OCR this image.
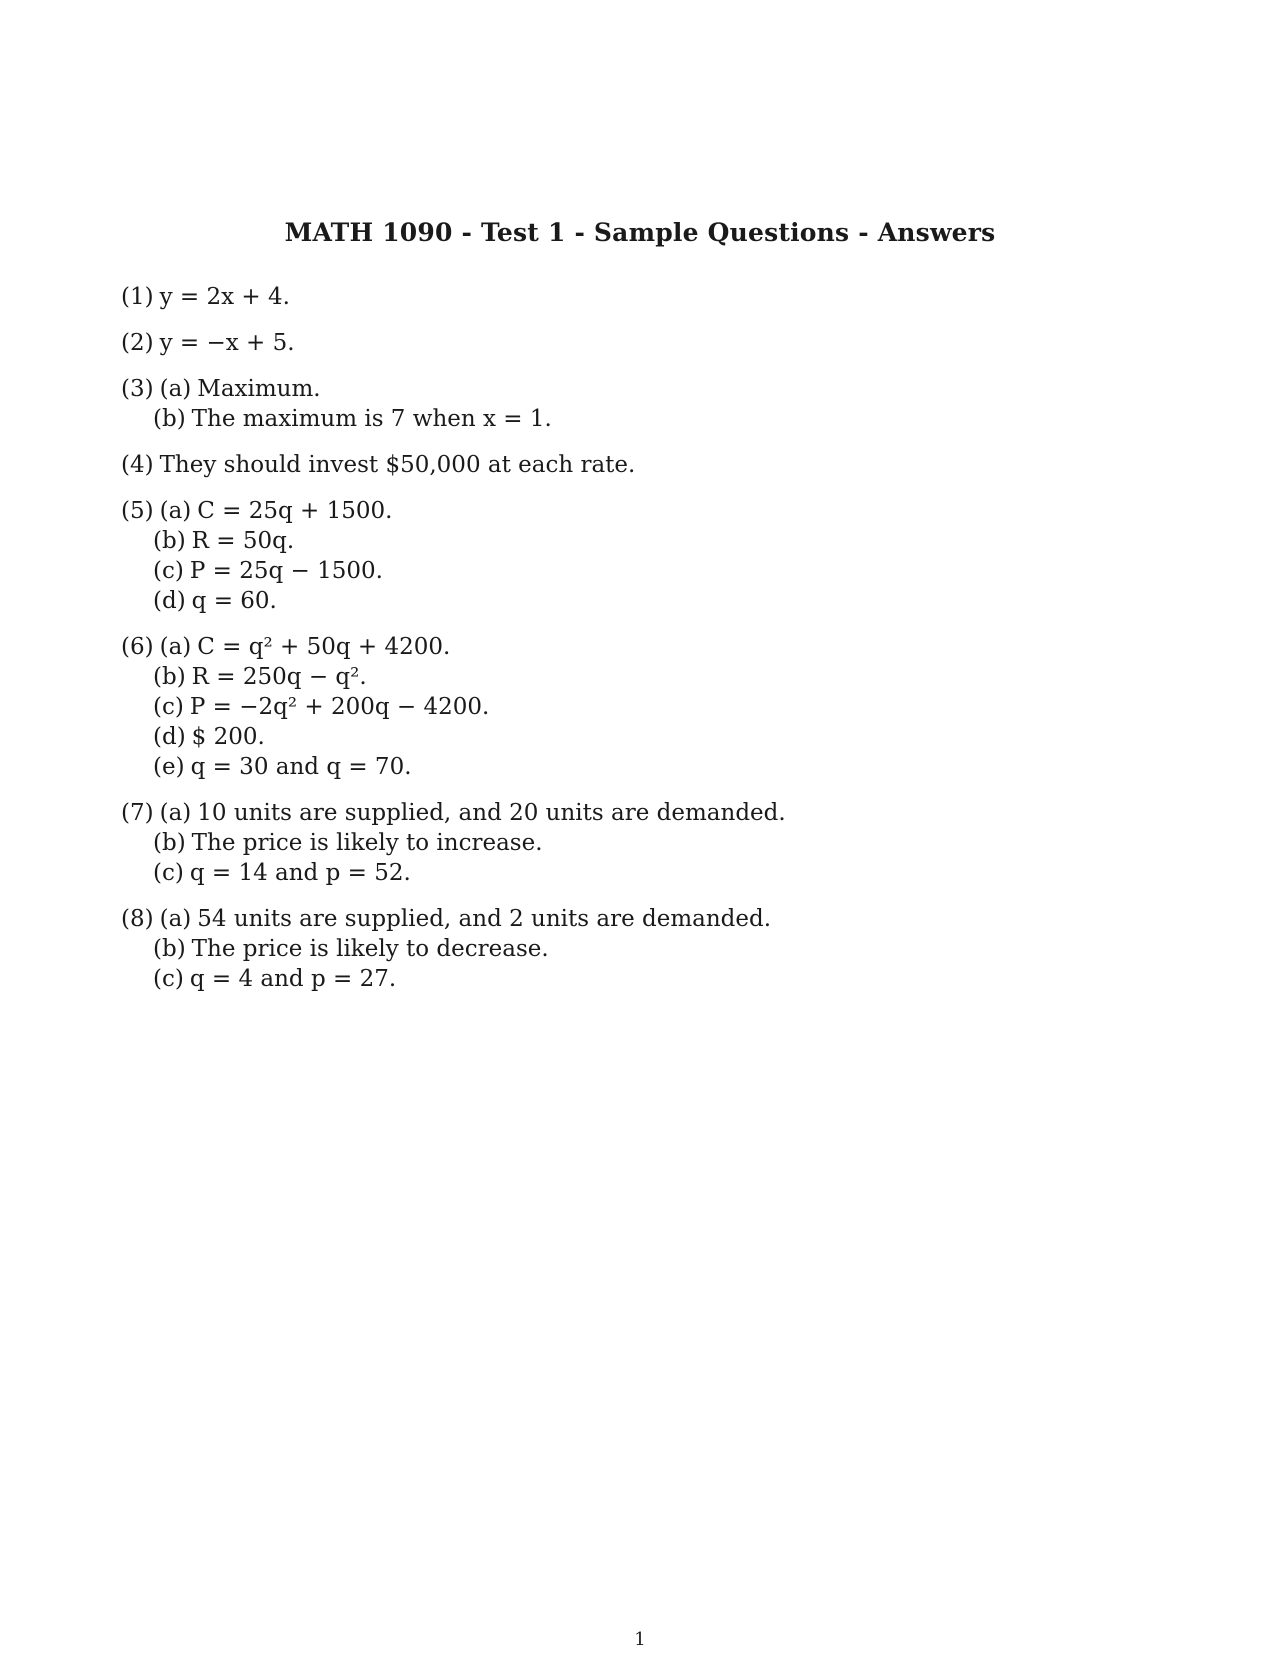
MATH 1090 - Test 1 - Sample Questions - Answers
(1) y = 2x + 4.
(2) y = −x + 5.
(3) (a) Maximum.
(b) The maximum is 7 when x = 1.
(4) They should invest $50,000 at each rate.
(5) (a) C = 25q + 1500.
(b) R = 50q.
(c) P = 25q − 1500.
(d) q = 60.
(6) (a) C = q² + 50q + 4200.
(b) R = 250q − q².
(c) P = −2q² + 200q − 4200.
(d) $ 200.
(e) q = 30 and q = 70.
(7) (a) 10 units are supplied, and 20 units are demanded.
(b) The price is likely to increase.
(c) q = 14 and p = 52.
(8) (a) 54 units are supplied, and 2 units are demanded.
(b) The price is likely to decrease.
(c) q = 4 and p = 27.
1
